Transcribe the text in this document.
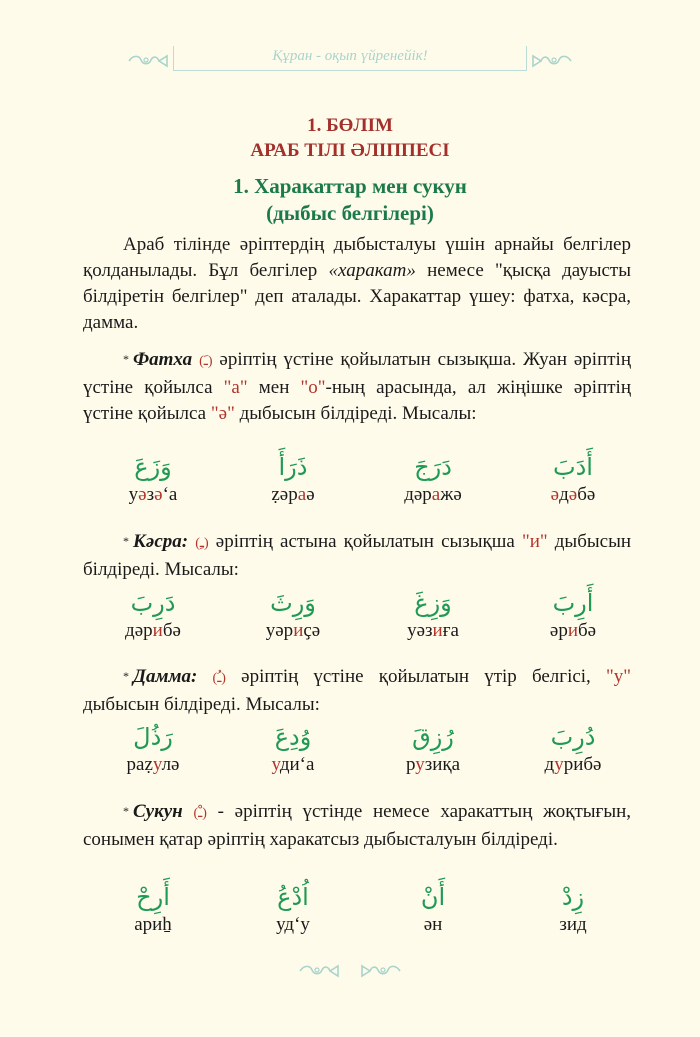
Құран - оқып үйренейік!
1. БӨЛІМ
АРАБ ТІЛІ ӘЛІППЕСІ
1. Харакаттар мен сукун
(дыбыс белгілері)
Араб тілінде әріптердің дыбысталуы үшін арнайы белгілер қолданылады. Бұл белгілер «харакат» немесе "қысқа дауысты білдіретін белгілер" деп аталады. Харакаттар үшеу: фатха, кәсра, дамма.
* Фатха (ـَ) әріптің үстіне қойылатын сызықша. Жуан әріптің үстіне қойылса "а" мен "о"-ның арасында, ал жіңішке әріптің үстіне қойылса "ә" дыбысын білдіреді. Мысалы:
وَزَعَ
уәзә‘а
ذَرَأَ
ẓәраә
دَرَجَ
дәражә
أَدَبَ
әдәбә
* Кәсра: (ـِ) әріптің астына қойылатын сызықша "и" дыбысын білдіреді. Мысалы:
دَرِبَ
дәрибә
وَرِثَ
уәриҫә
وَزِغَ
уәзиға
أَرِبَ
әрибә
* Дамма: (ـُ) әріптің үстіне қойылатын үтір белгісі, "у" дыбысын білдіреді. Мысалы:
رَذُلَ
раẓулә
وُدِعَ
уди‘а
رُزِقَ
рузиқа
دُرِبَ
дурибә
* Сукун (ـْ) - әріптің үстінде немесе харакаттың жоқтығын, сонымен қатар әріптің харакатсыз дыбысталуын білдіреді.
أَرِحْ
ариẖ
اُدْعُ
уд‘у
أَنْ
ән
زِدْ
зид
